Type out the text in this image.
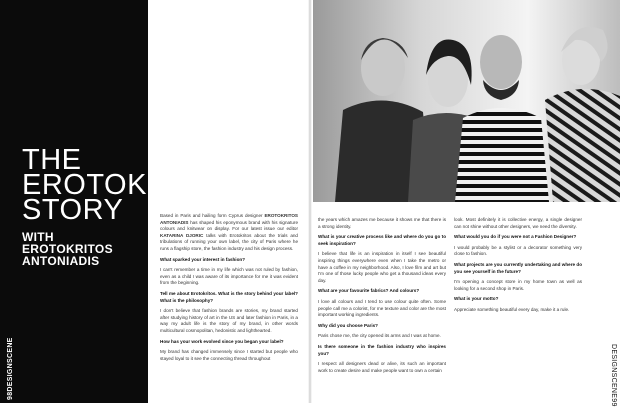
THE
EROTOKRITOS
STORY
WITH
EROTOKRITOS
ANTONIADIS
98DESIGNSCENE

Based in Paris and hailing form Cyprus designer EROTOKRITOS ANTONIADIS has shaped his eponymous brand with his signature colours and knitwear on display. For our latest issue our editor KATARINA DJORIC talks with Erotokritos about the trials and tribulations of running your own label, the city of Paris where he runs a flagship store, the fashion industry and his design process.

What sparked your interest in fashion?

I can't remember a time in my life which was not ruled by fashion, even as a child I was aware of its importance for me it was evident from the beginning.

Tell me about Erotokritos. What is the story behind your label? What is the philosophy?

I don't believe that fashion brands are stories, my brand started after studying history of art in the US and later fashion in Paris, in a way my adult life is the story of my brand, in other words multicultural cosmopolitan, hedonistic and lighthearted.

How has your work evolved since you began your label?

My brand has changed immensely since I started but people who stayed loyal to it see the connecting thread throughout

the years which amazes me because it shows me that there is a strong identity.

What is your creative process like and where do you go to seek inspiration?

I believe that life is an inspiration in itself I see beautiful inspiring things everywhere even when I take the metro or have a coffee in my neighborhood. Also, I love film and art but I'm one of those lucky people who get a thousand ideas every day.

What are your favourite fabrics? And colours?

I love all colours and I tend to use colour quite often. Some people call me a colorist, for me texture and color are the most important working ingredients.

Why did you choose Paris?

Paris chose me, the city opened its arms and I was at home.

Is there someone in the fashion industry who inspires you?

I respect all designers dead or alive, its such an important work to create desire and make people want to own a certain

look. Most definitely it is collective energy, a single designer can not shine without other designers, we need the diversity.

What would you do if you were not a Fashion Designer?

I would probably be a stylist or a decorator something very close to fashion.

What projects are you currently undertaking and where do you see yourself in the future?

I'm opening a concept store in my home town as well as looking for a second shop in Paris.

What is your motto?

Appreciate something beautiful every day, make it a rule.

DESIGNSCENE99
